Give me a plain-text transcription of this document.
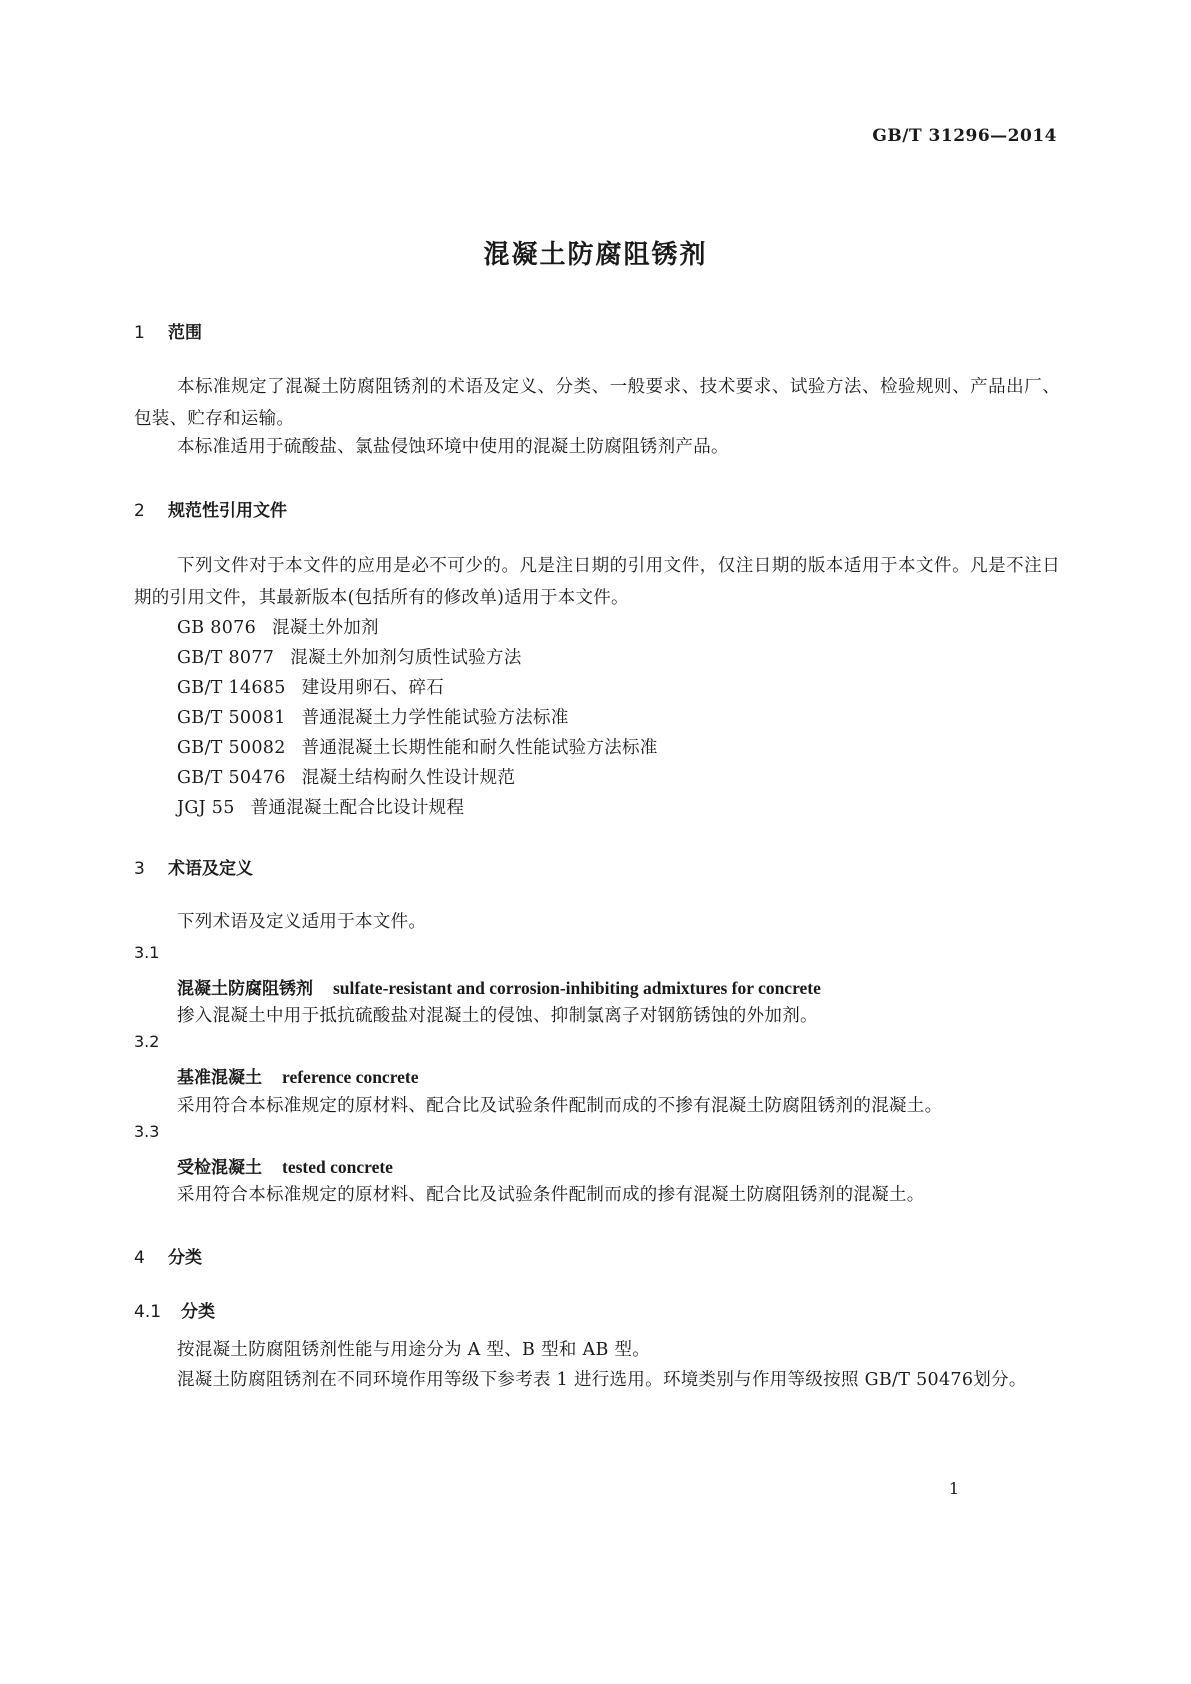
GB/T 31296—2014
混凝土防腐阻锈剂
1 范围
本标准规定了混凝土防腐阻锈剂的术语及定义、分类、一般要求、技术要求、试验方法、检验规则、产品出厂、包装、贮存和运输。
本标准适用于硫酸盐、氯盐侵蚀环境中使用的混凝土防腐阻锈剂产品。
2 规范性引用文件
下列文件对于本文件的应用是必不可少的。凡是注日期的引用文件，仅注日期的版本适用于本文件。凡是不注日期的引用文件，其最新版本(包括所有的修改单)适用于本文件。
GB 8076 混凝土外加剂
GB/T 8077 混凝土外加剂匀质性试验方法
GB/T 14685 建设用卵石、碎石
GB/T 50081 普通混凝土力学性能试验方法标准
GB/T 50082 普通混凝土长期性能和耐久性能试验方法标准
GB/T 50476 混凝土结构耐久性设计规范
JGJ 55 普通混凝土配合比设计规程
3 术语及定义
下列术语及定义适用于本文件。
3.1
混凝土防腐阻锈剂 sulfate-resistant and corrosion-inhibiting admixtures for concrete
掺入混凝土中用于抵抗硫酸盐对混凝土的侵蚀、抑制氯离子对钢筋锈蚀的外加剂。
3.2
基准混凝土 reference concrete
采用符合本标准规定的原材料、配合比及试验条件配制而成的不掺有混凝土防腐阻锈剂的混凝土。
3.3
受检混凝土 tested concrete
采用符合本标准规定的原材料、配合比及试验条件配制而成的掺有混凝土防腐阻锈剂的混凝土。
4 分类
4.1 分类
按混凝土防腐阻锈剂性能与用途分为 A 型、B 型和 AB 型。
混凝土防腐阻锈剂在不同环境作用等级下参考表 1 进行选用。环境类别与作用等级按照 GB/T 50476划分。
1
